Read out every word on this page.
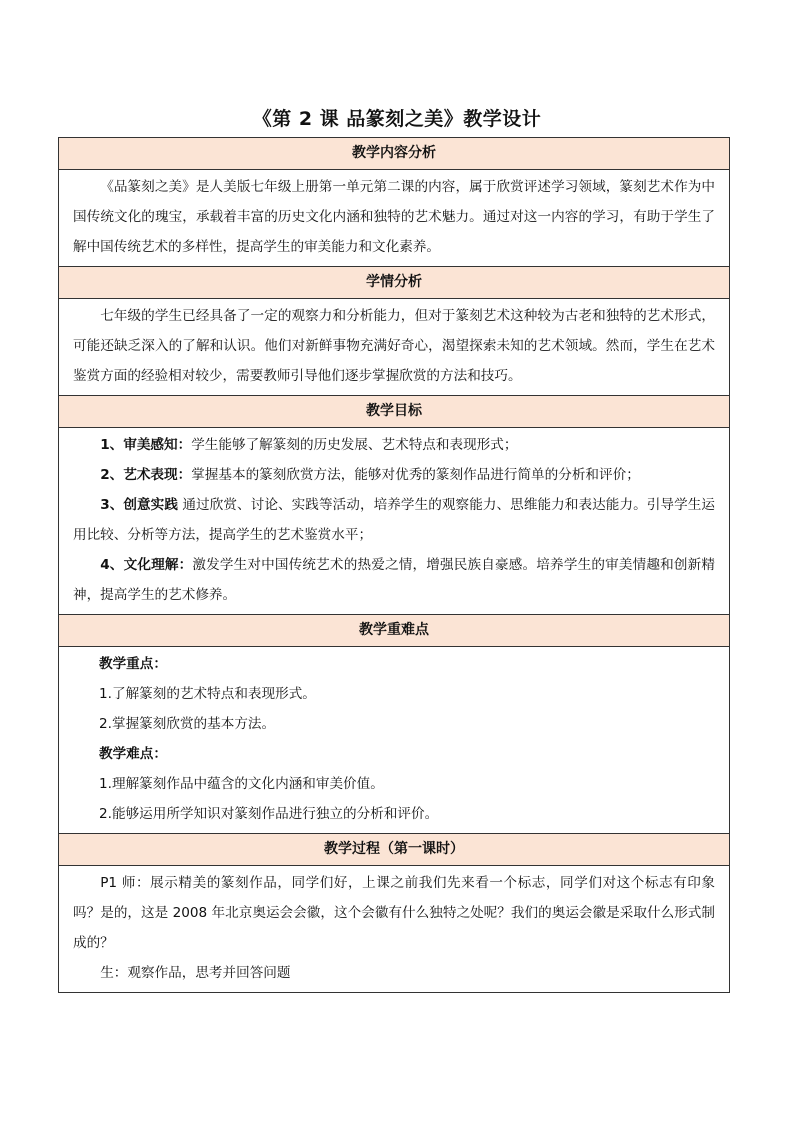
《第 2 课 品篆刻之美》教学设计
教学内容分析

《品篆刻之美》是人美版七年级上册第一单元第二课的内容，属于欣赏评述学习领域，篆刻艺术作为中国传统文化的瑰宝，承载着丰富的历史文化内涵和独特的艺术魅力。通过对这一内容的学习，有助于学生了解中国传统艺术的多样性，提高学生的审美能力和文化素养。

学情分析

七年级的学生已经具备了一定的观察力和分析能力，但对于篆刻艺术这种较为古老和独特的艺术形式，可能还缺乏深入的了解和认识。他们对新鲜事物充满好奇心，渴望探索未知的艺术领域。然而，学生在艺术鉴赏方面的经验相对较少，需要教师引导他们逐步掌握欣赏的方法和技巧。

教学目标

1、审美感知：学生能够了解篆刻的历史发展、艺术特点和表现形式；

2、艺术表现：掌握基本的篆刻欣赏方法，能够对优秀的篆刻作品进行简单的分析和评价；

3、创意实践 通过欣赏、讨论、实践等活动，培养学生的观察能力、思维能力和表达能力。引导学生运用比较、分析等方法，提高学生的艺术鉴赏水平；

4、文化理解：激发学生对中国传统艺术的热爱之情，增强民族自豪感。培养学生的审美情趣和创新精神，提高学生的艺术修养。

教学重难点

教学重点：

1.了解篆刻的艺术特点和表现形式。

2.掌握篆刻欣赏的基本方法。

教学难点：

1.理解篆刻作品中蕴含的文化内涵和审美价值。

2.能够运用所学知识对篆刻作品进行独立的分析和评价。

教学过程（第一课时）

P1 师：展示精美的篆刻作品，同学们好，上课之前我们先来看一个标志，同学们对这个标志有印象吗？是的，这是 2008 年北京奥运会会徽，这个会徽有什么独特之处呢？我们的奥运会徽是采取什么形式制成的？

生：观察作品，思考并回答问题
